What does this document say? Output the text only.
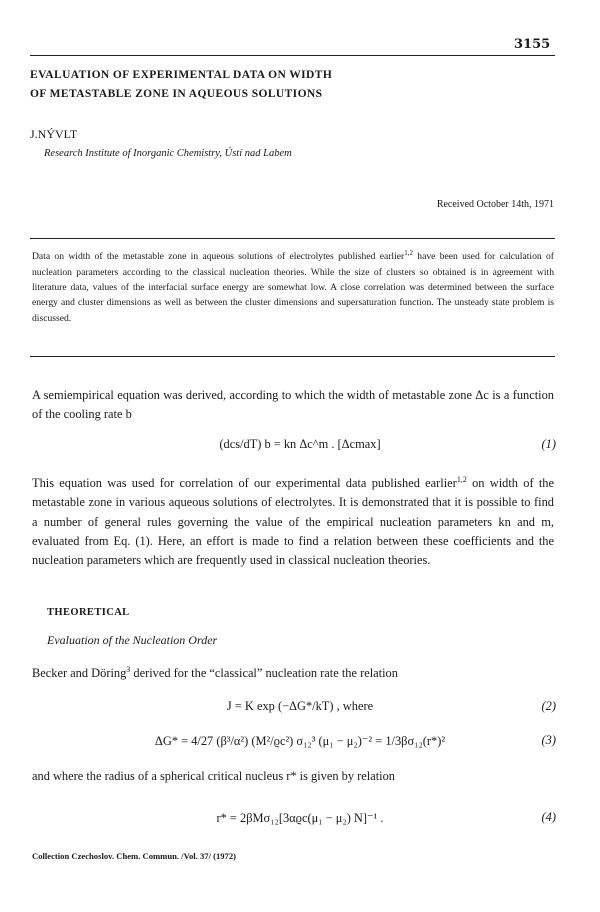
3155
EVALUATION OF EXPERIMENTAL DATA ON WIDTH
OF METASTABLE ZONE IN AQUEOUS SOLUTIONS
J.NÝVLT
Research Institute of Inorganic Chemistry, Ústí nad Labem
Received October 14th, 1971
Data on width of the metastable zone in aqueous solutions of electrolytes published earlier$^{1,2}$ have been used for calculation of nucleation parameters according to the classical nucleation theories. While the size of clusters so obtained is in agreement with literature data, values of the interfacial surface energy are somewhat low. A close correlation was determined between the surface energy and cluster dimensions as well as between the cluster dimensions and supersaturation function. The unsteady state problem is discussed.
A semiempirical equation was derived, according to which the width of metastable zone Δc is a function of the cooling rate b
(dcs/dT) b = kn Δc^m . [Δcmax]	(1)
This equation was used for correlation of our experimental data published earlier$^{1,2}$ on width of the metastable zone in various aqueous solutions of electrolytes. It is demonstrated that it is possible to find a number of general rules governing the value of the empirical nucleation parameters kn and m, evaluated from Eq. (1). Here, an effort is made to find a relation between these coefficients and the nucleation parameters which are frequently used in classical nucleation theories.
THEORETICAL
Evaluation of the Nucleation Order
Becker and Döring$^3$ derived for the “classical” nucleation rate the relation
J = K exp (−ΔG*/kT) , where	(2)
ΔG* = 4/27 (β³/α²) (M²/ϱc²) σ₁₂³ (μ₁ − μ₂)⁻² = 1/3βσ₁₂(r*)²	(3)
and where the radius of a spherical critical nucleus r* is given by relation
r* = 2βMσ₁₂[3αϱc(μ₁ − μ₂) N]⁻¹ .	(4)
Collection Czechoslov. Chem. Commun. /Vol. 37/ (1972)
